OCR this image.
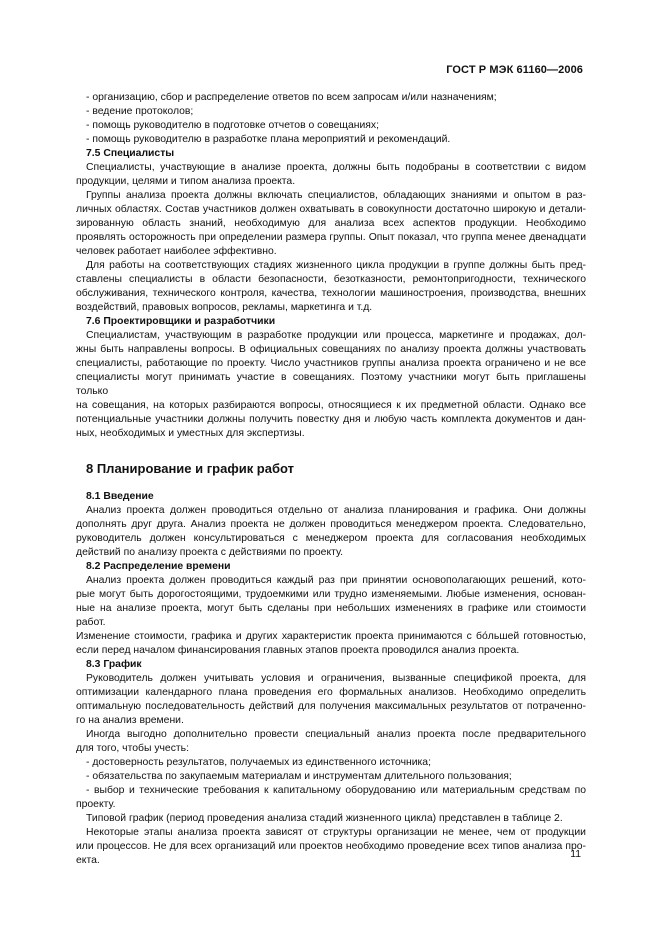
ГОСТ Р МЭК 61160—2006
- организацию, сбор и распределение ответов по всем запросам и/или назначениям;
- ведение протоколов;
- помощь руководителю в подготовке отчетов о совещаниях;
- помощь руководителю в разработке плана мероприятий и рекомендаций.
7.5 Специалисты
Специалисты, участвующие в анализе проекта, должны быть подобраны в соответствии с видом
продукции, целями и типом анализа проекта.
Группы анализа проекта должны включать специалистов, обладающих знаниями и опытом в раз-
личных областях. Состав участников должен охватывать в совокупности достаточно широкую и детали-
зированную область знаний, необходимую для анализа всех аспектов продукции. Необходимо
проявлять осторожность при определении размера группы. Опыт показал, что группа менее двенадцати
человек работает наиболее эффективно.
Для работы на соответствующих стадиях жизненного цикла продукции в группе должны быть пред-
ставлены специалисты в области безопасности, безотказности, ремонтопригодности, технического
обслуживания, технического контроля, качества, технологии машиностроения, производства, внешних
воздействий, правовых вопросов, рекламы, маркетинга и т.д.
7.6 Проектировщики и разработчики
Специалистам, участвующим в разработке продукции или процесса, маркетинге и продажах, дол-
жны быть направлены вопросы. В официальных совещаниях по анализу проекта должны участвовать
специалисты, работающие по проекту. Число участников группы анализа проекта ограничено и не все
специалисты могут принимать участие в совещаниях. Поэтому участники могут быть приглашены только
на совещания, на которых разбираются вопросы, относящиеся к их предметной области. Однако все
потенциальные участники должны получить повестку дня и любую часть комплекта документов и дан-
ных, необходимых и уместных для экспертизы.
8 Планирование и график работ
8.1 Введение
Анализ проекта должен проводиться отдельно от анализа планирования и графика. Они должны
дополнять друг друга. Анализ проекта не должен проводиться менеджером проекта. Следовательно,
руководитель должен консультироваться с менеджером проекта для согласования необходимых
действий по анализу проекта с действиями по проекту.
8.2 Распределение времени
Анализ проекта должен проводиться каждый раз при принятии основополагающих решений, кото-
рые могут быть дорогостоящими, трудоемкими или трудно изменяемыми. Любые изменения, основан-
ные на анализе проекта, могут быть сделаны при небольших изменениях в графике или стоимости работ.
Изменение стоимости, графика и других характеристик проекта принимаются с бо́льшей готовностью,
если перед началом финансирования главных этапов проекта проводился анализ проекта.
8.3 График
Руководитель должен учитывать условия и ограничения, вызванные спецификой проекта, для
оптимизации календарного плана проведения его формальных анализов. Необходимо определить
оптимальную последовательность действий для получения максимальных результатов от потраченно-
го на анализ времени.
Иногда выгодно дополнительно провести специальный анализ проекта после предварительного
для того, чтобы учесть:
- достоверность результатов, получаемых из единственного источника;
- обязательства по закупаемым материалам и инструментам длительного пользования;
- выбор и технические требования к капитальному оборудованию или материальным средствам по
проекту.
Типовой график (период проведения анализа стадий жизненного цикла) представлен в таблице 2.
Некоторые этапы анализа проекта зависят от структуры организации не менее, чем от продукции
или процессов. Не для всех организаций или проектов необходимо проведение всех типов анализа про-
екта.
11
